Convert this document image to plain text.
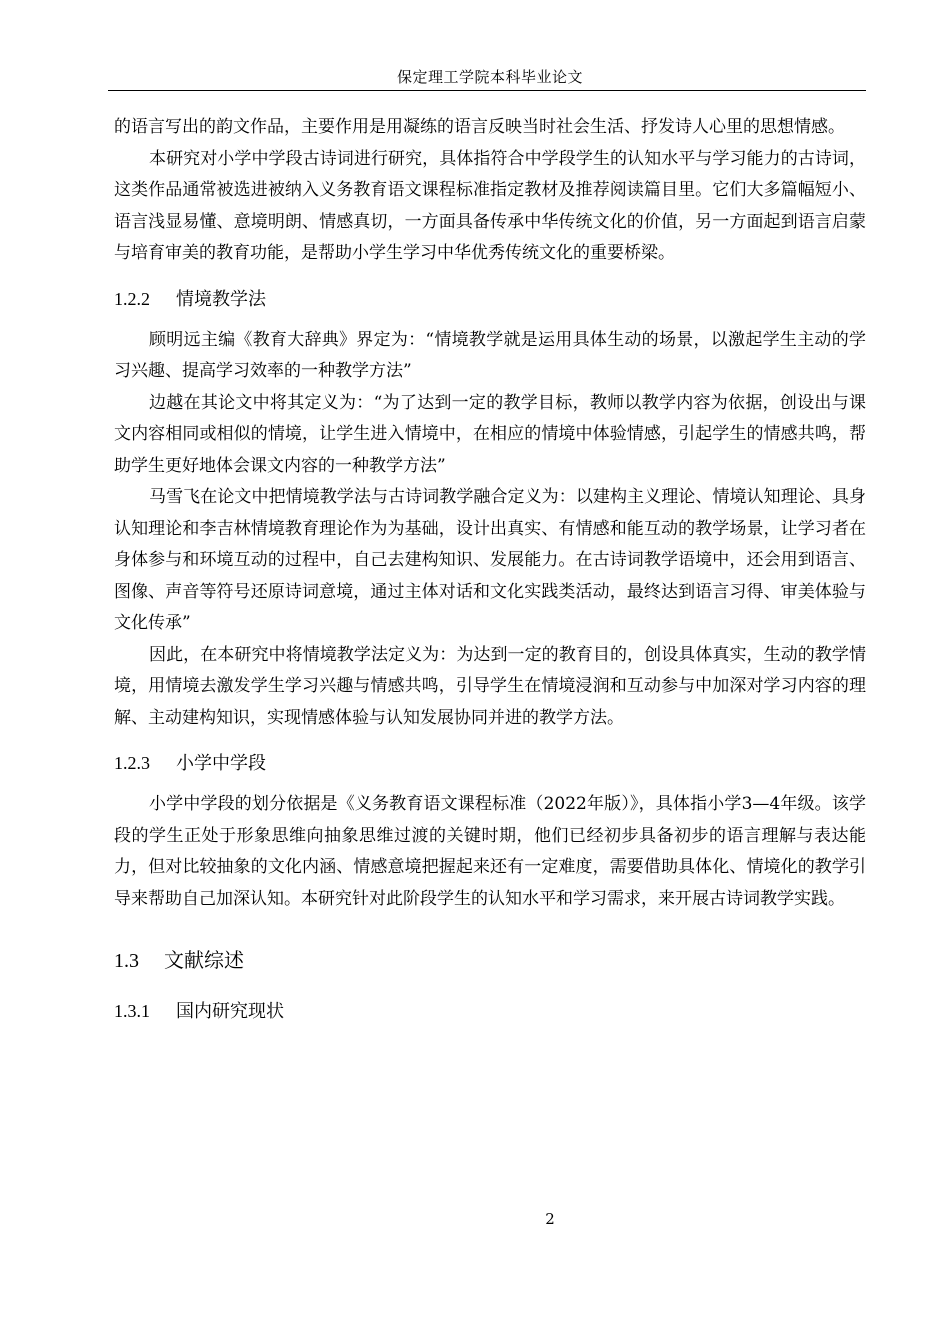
保定理工学院本科毕业论文

的语言写出的韵文作品，主要作用是用凝练的语言反映当时社会生活、抒发诗人心里的思想情感。

本研究对小学中学段古诗词进行研究，具体指符合中学段学生的认知水平与学习能力的古诗词，这类作品通常被选进被纳入义务教育语文课程标准指定教材及推荐阅读篇目里。它们大多篇幅短小、语言浅显易懂、意境明朗、情感真切，一方面具备传承中华传统文化的价值，另一方面起到语言启蒙与培育审美的教育功能，是帮助小学生学习中华优秀传统文化的重要桥梁。

1.2.2 情境教学法

顾明远主编《教育大辞典》界定为：“情境教学就是运用具体生动的场景，以激起学生主动的学习兴趣、提高学习效率的一种教学方法”

边越在其论文中将其定义为：“为了达到一定的教学目标，教师以教学内容为依据，创设出与课文内容相同或相似的情境，让学生进入情境中，在相应的情境中体验情感，引起学生的情感共鸣，帮助学生更好地体会课文内容的一种教学方法”

马雪飞在论文中把情境教学法与古诗词教学融合定义为：以建构主义理论、情境认知理论、具身认知理论和李吉林情境教育理论作为为基础，设计出真实、有情感和能互动的教学场景，让学习者在身体参与和环境互动的过程中，自己去建构知识、发展能力。在古诗词教学语境中，还会用到语言、图像、声音等符号还原诗词意境，通过主体对话和文化实践类活动，最终达到语言习得、审美体验与文化传承”

因此，在本研究中将情境教学法定义为：为达到一定的教育目的，创设具体真实，生动的教学情境，用情境去激发学生学习兴趣与情感共鸣，引导学生在情境浸润和互动参与中加深对学习内容的理解、主动建构知识，实现情感体验与认知发展协同并进的教学方法。

1.2.3 小学中学段

小学中学段的划分依据是《义务教育语文课程标准（2022年版）》，具体指小学3—4年级。该学段的学生正处于形象思维向抽象思维过渡的关键时期，他们已经初步具备初步的语言理解与表达能力，但对比较抽象的文化内涵、情感意境把握起来还有一定难度，需要借助具体化、情境化的教学引导来帮助自己加深认知。本研究针对此阶段学生的认知水平和学习需求，来开展古诗词教学实践。

1.3 文献综述
1.3.1 国内研究现状
2
